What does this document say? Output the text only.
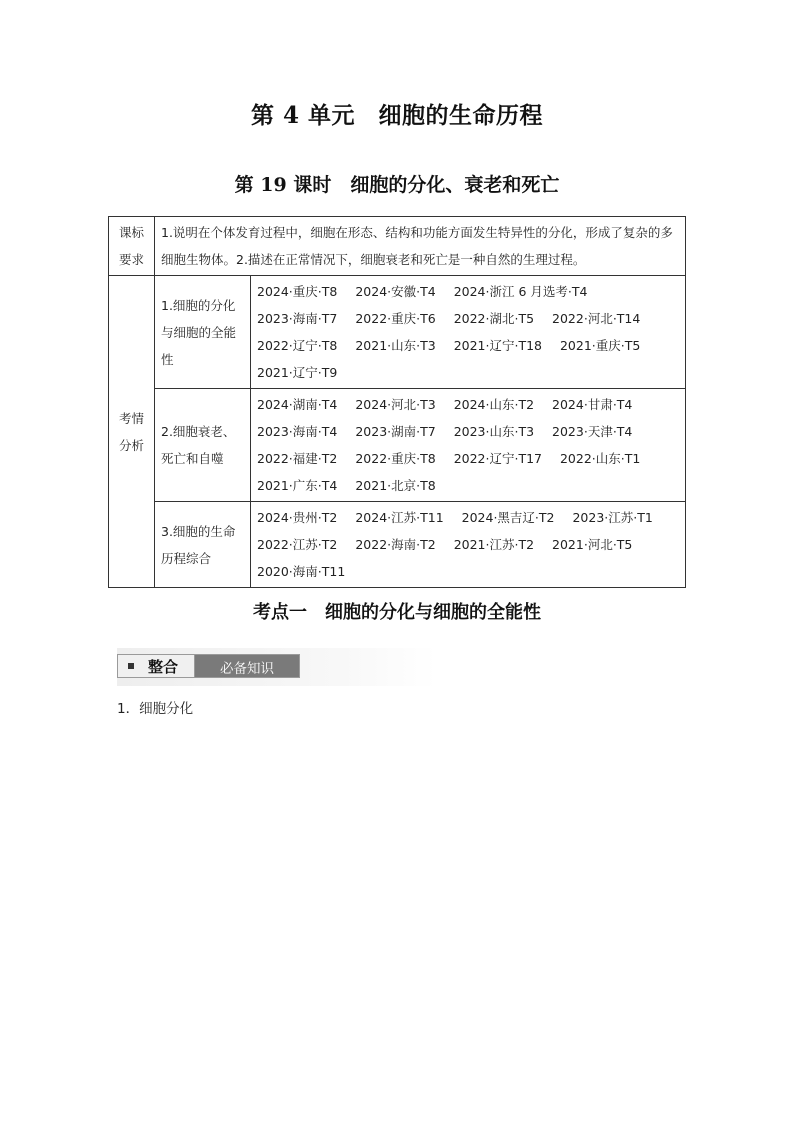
第 4 单元　细胞的生命历程
第 19 课时　细胞的分化、衰老和死亡
课标要求	1.说明在个体发育过程中，细胞在形态、结构和功能方面发生特异性的分化，形成了复杂的多细胞生物体。2.描述在正常情况下，细胞衰老和死亡是一种自然的生理过程。	
考情分析	1.细胞的分化与细胞的全能性	2024·重庆·T8 2024·安徽·T4 2024·浙江 6 月选考·T4 2023·海南·T7 2022·重庆·T6 2022·湖北·T5 2022·河北·T14 2022·辽宁·T8 2021·山东·T3 2021·辽宁·T18 2021·重庆·T5 2021·辽宁·T9
	2.细胞衰老、死亡和自噬	2024·湖南·T4 2024·河北·T3 2024·山东·T2 2024·甘肃·T4 2023·海南·T4 2023·湖南·T7 2023·山东·T3 2023·天津·T4 2022·福建·T2 2022·重庆·T8 2022·辽宁·T17 2022·山东·T1 2021·广东·T4 2021·北京·T8
	3.细胞的生命历程综合	2024·贵州·T2 2024·江苏·T11 2024·黑吉辽·T2 2023·江苏·T1 2022·江苏·T2 2022·海南·T2 2021·江苏·T2 2021·河北·T5 2020·海南·T11
考点一　细胞的分化与细胞的全能性
整合	必备知识
1．细胞分化
